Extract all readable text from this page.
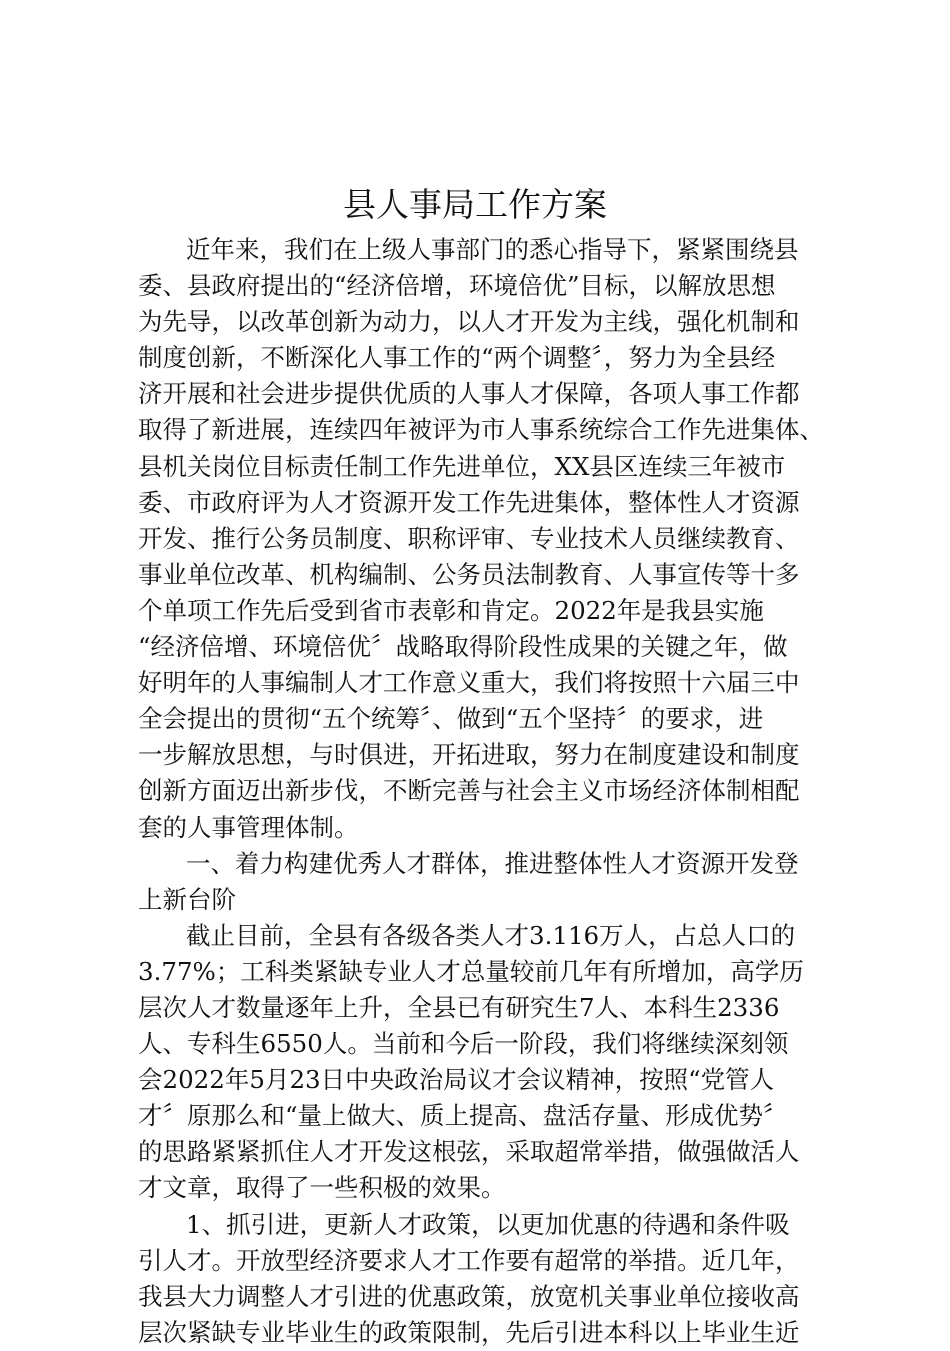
县人事局工作方案

近年来，我们在上级人事部门的悉心指导下，紧紧围绕县
委、县政府提出的“经济倍增，环境倍优”目标，以解放思想
为先导，以改革创新为动力，以人才开发为主线，强化机制和
制度创新，不断深化人事工作的“两个调整〞，努力为全县经
济开展和社会进步提供优质的人事人才保障，各项人事工作都
取得了新进展，连续四年被评为市人事系统综合工作先进集体、
县机关岗位目标责任制工作先进单位，XX县区连续三年被市
委、市政府评为人才资源开发工作先进集体，整体性人才资源
开发、推行公务员制度、职称评审、专业技术人员继续教育、
事业单位改革、机构编制、公务员法制教育、人事宣传等十多
个单项工作先后受到省市表彰和肯定。2022年是我县实施
“经济倍增、环境倍优〞战略取得阶段性成果的关键之年，做
好明年的人事编制人才工作意义重大，我们将按照十六届三中
全会提出的贯彻“五个统筹〞、做到“五个坚持〞的要求，进
一步解放思想，与时俱进，开拓进取，努力在制度建设和制度
创新方面迈出新步伐，不断完善与社会主义市场经济体制相配
套的人事管理体制。

一、着力构建优秀人才群体，推进整体性人才资源开发登
上新台阶

截止目前，全县有各级各类人才3.116万人，占总人口的
3.77%；工科类紧缺专业人才总量较前几年有所增加，高学历
层次人才数量逐年上升，全县已有研究生7人、本科生2336
人、专科生6550人。当前和今后一阶段，我们将继续深刻领
会2022年5月23日中央政治局议才会议精神，按照“党管人
才〞原那么和“量上做大、质上提高、盘活存量、形成优势〞
的思路紧紧抓住人才开发这根弦，采取超常举措，做强做活人
才文章，取得了一些积极的效果。

1、抓引进，更新人才政策，以更加优惠的待遇和条件吸
引人才。开放型经济要求人才工作要有超常的举措。近几年，
我县大力调整人才引进的优惠政策，放宽机关事业单位接收高
层次紧缺专业毕业生的政策限制，先后引进本科以上毕业生近
